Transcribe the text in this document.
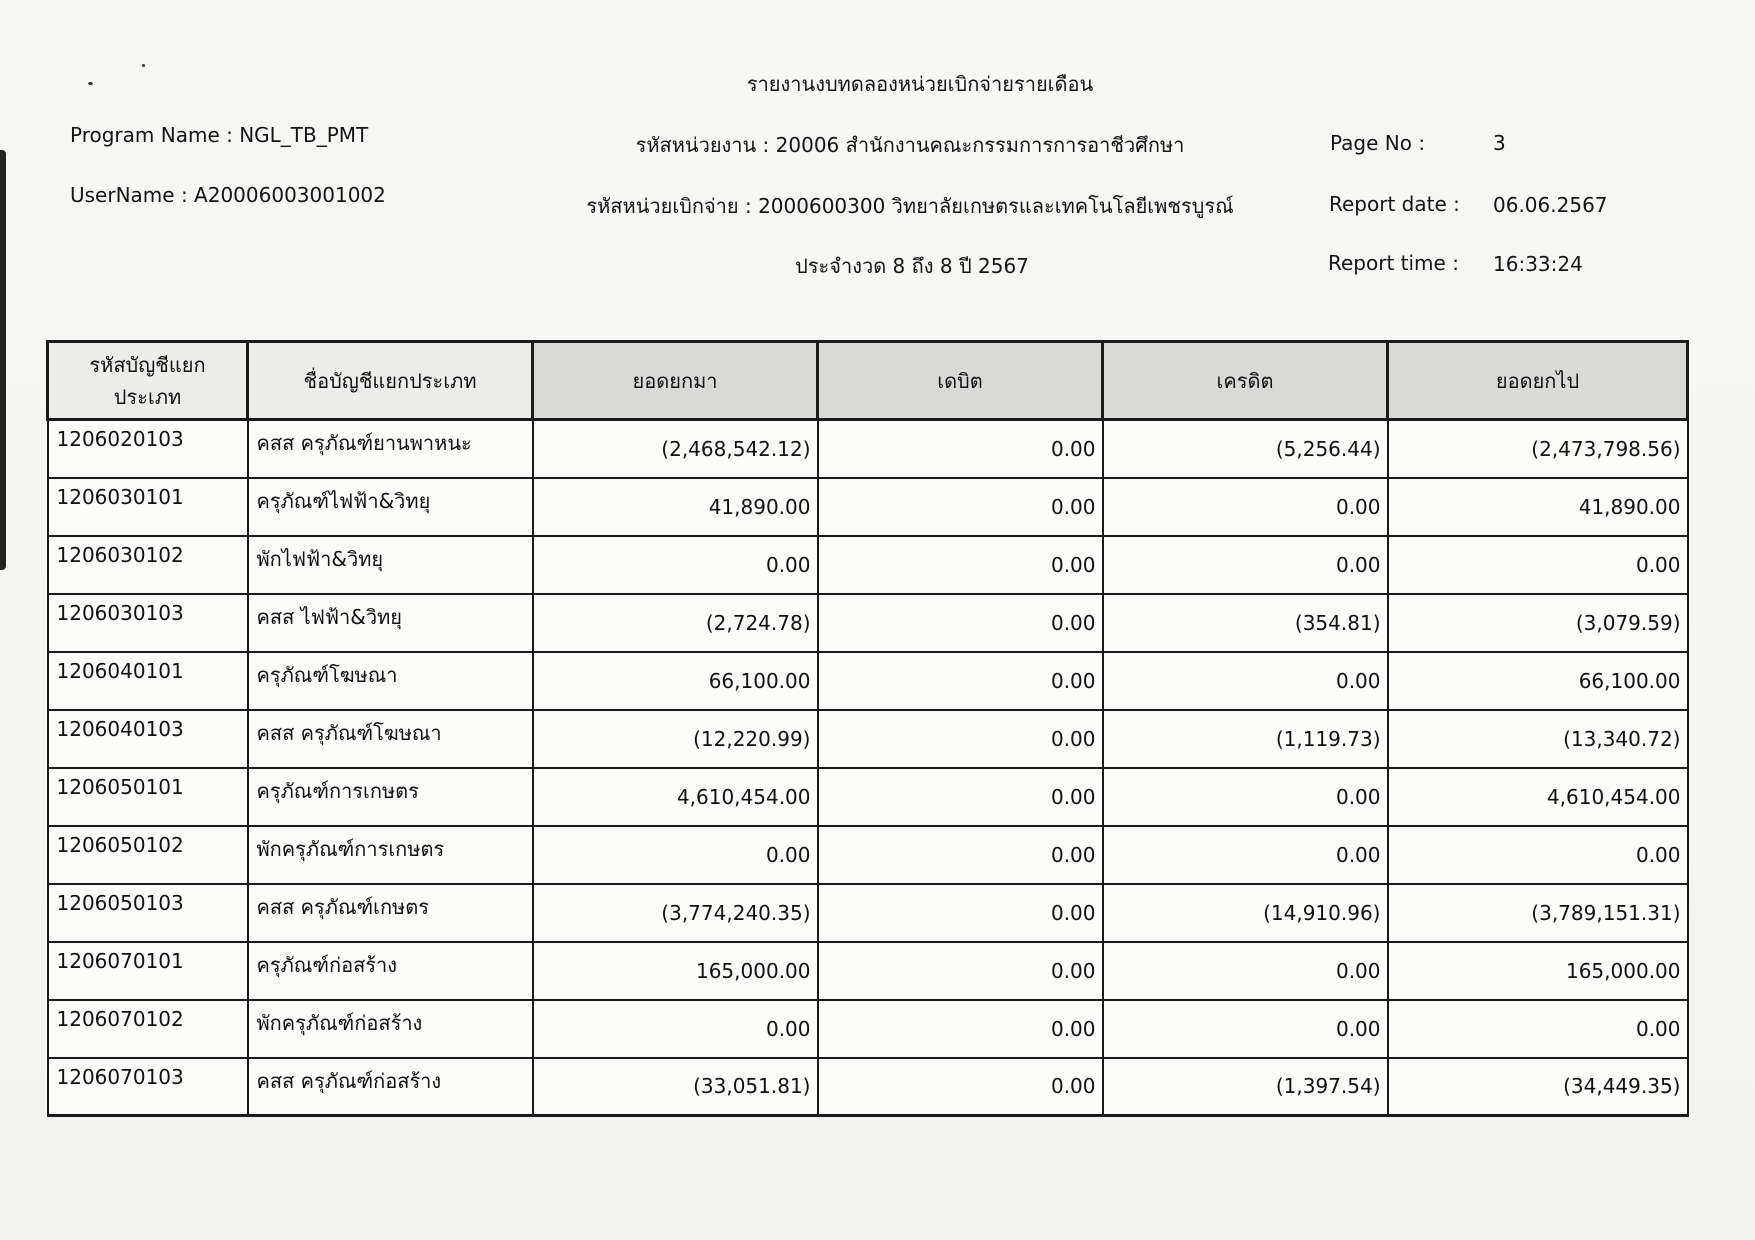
รายงานงบทดลองหน่วยเบิกจ่ายรายเดือน
Program Name : NGL_TB_PMT
UserName : A20006003001002
รหัสหน่วยงาน : 20006 สำนักงานคณะกรรมการการอาชีวศึกษา
รหัสหน่วยเบิกจ่าย : 2000600300 วิทยาลัยเกษตรและเทคโนโลยีเพชรบูรณ์
ประจำงวด 8 ถึง 8 ปี 2567
Page No :	3
Report date : 06.06.2567
Report time : 16:33:24
รหัสบัญชีแยกประเภท	ชื่อบัญชีแยกประเภท	ยอดยกมา	เดบิต	เครดิต	ยอดยกไป
1206020103	คสส ครุภัณฑ์ยานพาหนะ	(2,468,542.12)	0.00	(5,256.44)	(2,473,798.56)
1206030101	ครุภัณฑ์ไฟฟ้า&วิทยุ	41,890.00	0.00	0.00	41,890.00
1206030102	พักไฟฟ้า&วิทยุ	0.00	0.00	0.00	0.00
1206030103	คสส ไฟฟ้า&วิทยุ	(2,724.78)	0.00	(354.81)	(3,079.59)
1206040101	ครุภัณฑ์โฆษณา	66,100.00	0.00	0.00	66,100.00
1206040103	คสส ครุภัณฑ์โฆษณา	(12,220.99)	0.00	(1,119.73)	(13,340.72)
1206050101	ครุภัณฑ์การเกษตร	4,610,454.00	0.00	0.00	4,610,454.00
1206050102	พักครุภัณฑ์การเกษตร	0.00	0.00	0.00	0.00
1206050103	คสส ครุภัณฑ์เกษตร	(3,774,240.35)	0.00	(14,910.96)	(3,789,151.31)
1206070101	ครุภัณฑ์ก่อสร้าง	165,000.00	0.00	0.00	165,000.00
1206070102	พักครุภัณฑ์ก่อสร้าง	0.00	0.00	0.00	0.00
1206070103	คสส ครุภัณฑ์ก่อสร้าง	(33,051.81)	0.00	(1,397.54)	(34,449.35)
